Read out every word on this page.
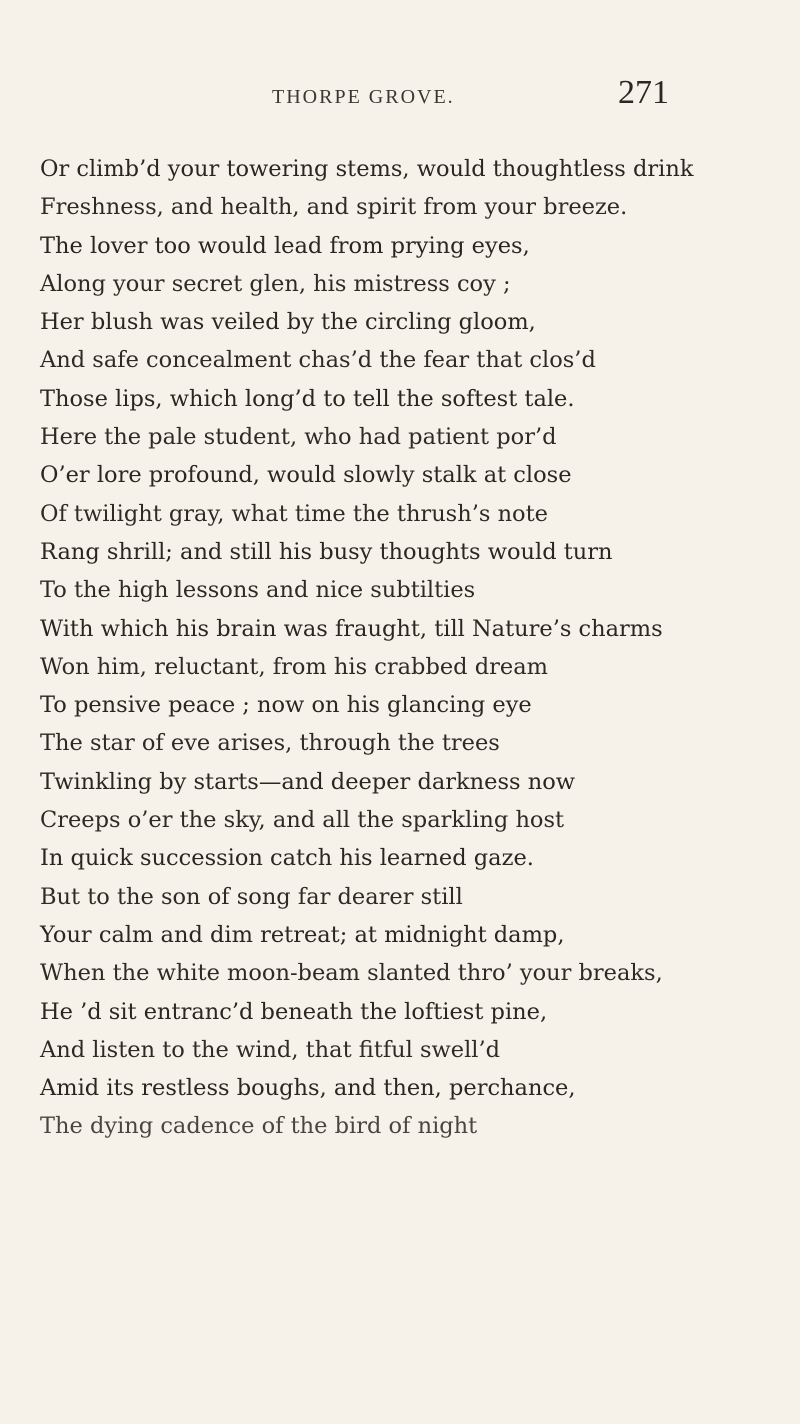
THORPE GROVE.	271
Or climb’d your towering stems, would thoughtless drink
Freshness, and health, and spirit from your breeze.
The lover too would lead from prying eyes,
Along your secret glen, his mistress coy ;
Her blush was veiled by the circling gloom,
And safe concealment chas’d the fear that clos’d
Those lips, which long’d to tell the softest tale.
Here the pale student, who had patient por’d
O’er lore profound, would slowly stalk at close
Of twilight gray, what time the thrush’s note
Rang shrill; and still his busy thoughts would turn
To the high lessons and nice subtilties
With which his brain was fraught, till Nature’s charms
Won him, reluctant, from his crabbed dream
To pensive peace ; now on his glancing eye
The star of eve arises, through the trees
Twinkling by starts—and deeper darkness now
Creeps o’er the sky, and all the sparkling host
In quick succession catch his learned gaze.
But to the son of song far dearer still
Your calm and dim retreat; at midnight damp,
When the white moon-beam slanted thro’ your breaks,
He ’d sit entranc’d beneath the loftiest pine,
And listen to the wind, that fitful swell’d
Amid its restless boughs, and then, perchance,
The dying cadence of the bird of night
